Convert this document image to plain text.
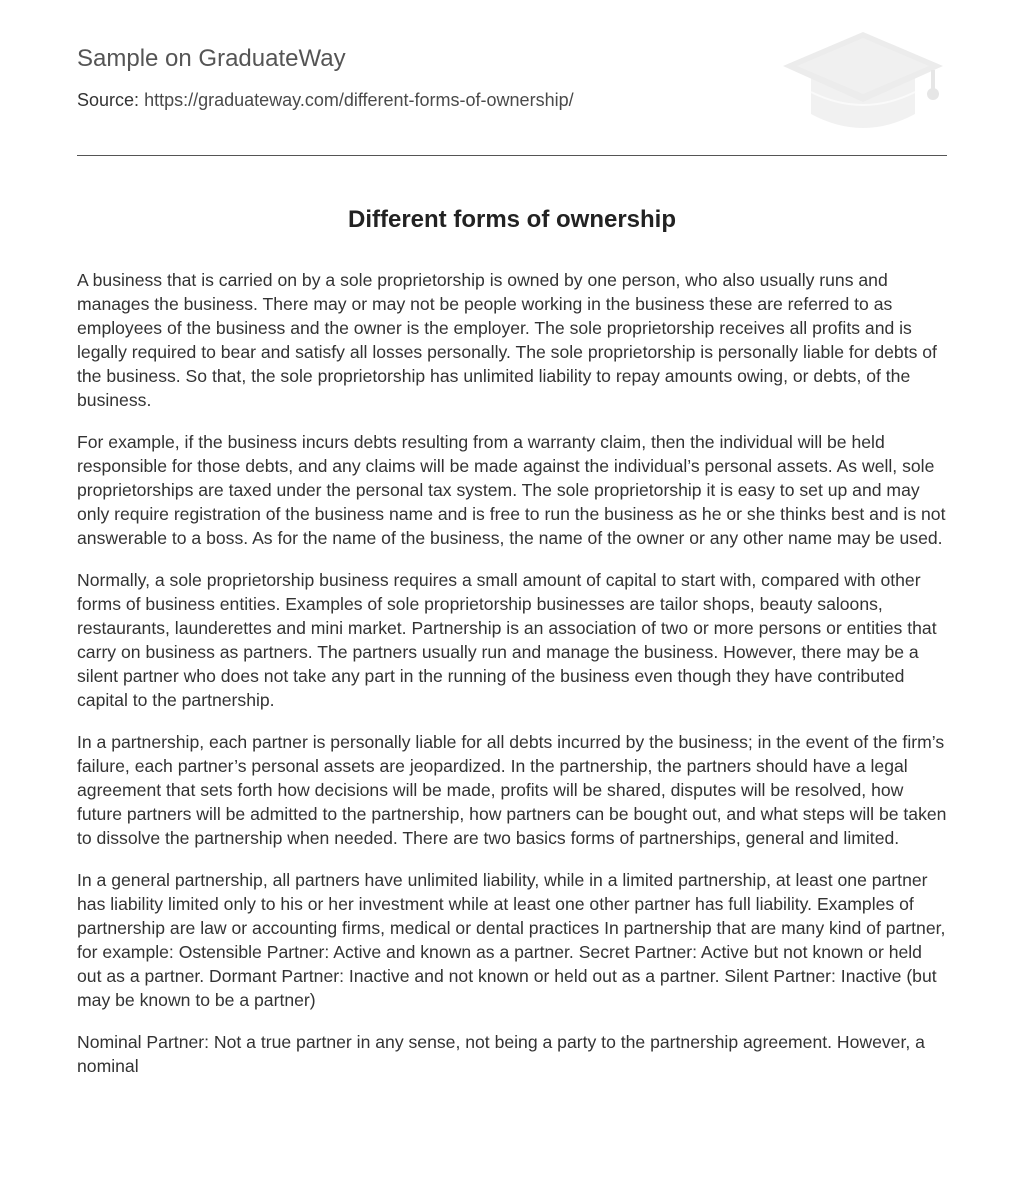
Sample on GraduateWay
Source: https://graduateway.com/different-forms-of-ownership/
Different forms of ownership

A business that is carried on by a sole proprietorship is owned by one person, who also usually runs and manages the business. There may or may not be people working in the business these are referred to as employees of the business and the owner is the employer. The sole proprietorship receives all profits and is legally required to bear and satisfy all losses personally. The sole proprietorship is personally liable for debts of the business. So that, the sole proprietorship has unlimited liability to repay amounts owing, or debts, of the business.

For example, if the business incurs debts resulting from a warranty claim, then the individual will be held responsible for those debts, and any claims will be made against the individual’s personal assets. As well, sole proprietorships are taxed under the personal tax system. The sole proprietorship it is easy to set up and may only require registration of the business name and is free to run the business as he or she thinks best and is not answerable to a boss. As for the name of the business, the name of the owner or any other name may be used.

Normally, a sole proprietorship business requires a small amount of capital to start with, compared with other forms of business entities. Examples of sole proprietorship businesses are tailor shops, beauty saloons, restaurants, launderettes and mini market. Partnership is an association of two or more persons or entities that carry on business as partners. The partners usually run and manage the business. However, there may be a silent partner who does not take any part in the running of the business even though they have contributed capital to the partnership.

In a partnership, each partner is personally liable for all debts incurred by the business; in the event of the firm’s failure, each partner’s personal assets are jeopardized. In the partnership, the partners should have a legal agreement that sets forth how decisions will be made, profits will be shared, disputes will be resolved, how future partners will be admitted to the partnership, how partners can be bought out, and what steps will be taken to dissolve the partnership when needed. There are two basics forms of partnerships, general and limited.

In a general partnership, all partners have unlimited liability, while in a limited partnership, at least one partner has liability limited only to his or her investment while at least one other partner has full liability. Examples of partnership are law or accounting firms, medical or dental practices In partnership that are many kind of partner, for example: Ostensible Partner: Active and known as a partner. Secret Partner: Active but not known or held out as a partner. Dormant Partner: Inactive and not known or held out as a partner. Silent Partner: Inactive (but may be known to be a partner)

Nominal Partner: Not a true partner in any sense, not being a party to the partnership agreement. However, a nominal
